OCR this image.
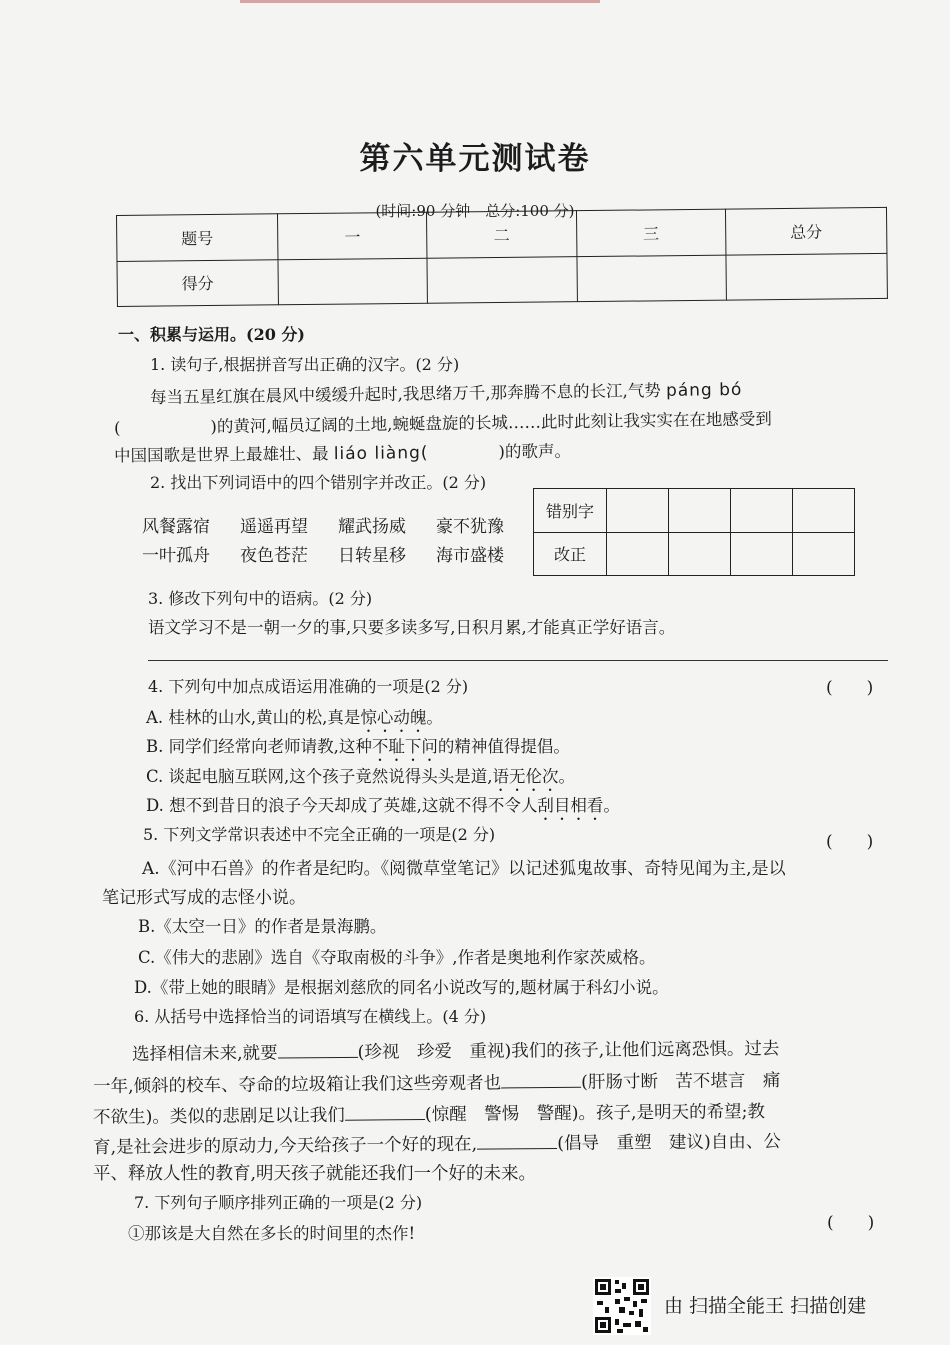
第六单元测试卷
(时间:90 分钟　总分:100 分)
题号	一	二	三	总分
得分				
一、积累与运用。(20 分)
1. 读句子,根据拼音写出正确的汉字。(2 分)
每当五星红旗在晨风中缓缓升起时,我思绪万千,那奔腾不息的长江,气势 páng bó
(	)的黄河,幅员辽阔的土地,蜿蜒盘旋的长城……此时此刻让我实实在在地感受到
中国国歌是世界上最雄壮、最 liáo liàng(	)的歌声。
2. 找出下列词语中的四个错别字并改正。(2 分)
风餐露宿 遥遥再望 耀武扬威 豪不犹豫
一叶孤舟 夜色苍茫 日转星移 海市盛楼
错别字				
改正				
3. 修改下列句中的语病。(2 分)
语文学习不是一朝一夕的事,只要多读多写,日积月累,才能真正学好语言。
4. 下列句中加点成语运用准确的一项是(2 分)	(　　)
A. 桂林的山水,黄山的松,真是惊心动魄。
B. 同学们经常向老师请教,这种不耻下问的精神值得提倡。
C. 谈起电脑互联网,这个孩子竟然说得头头是道,语无伦次。
D. 想不到昔日的浪子今天却成了英雄,这就不得不令人刮目相看。
5. 下列文学常识表述中不完全正确的一项是(2 分)	(　　)
A.《河中石兽》的作者是纪昀。《阅微草堂笔记》以记述狐鬼故事、奇特见闻为主,是以
笔记形式写成的志怪小说。
B.《太空一日》的作者是景海鹏。
C.《伟大的悲剧》选自《夺取南极的斗争》,作者是奥地利作家茨威格。
D.《带上她的眼睛》是根据刘慈欣的同名小说改写的,题材属于科幻小说。
6. 从括号中选择恰当的词语填写在横线上。(4 分)
选择相信未来,就要	(珍视　珍爱　重视)我们的孩子,让他们远离恐惧。过去
一年,倾斜的校车、夺命的垃圾箱让我们这些旁观者也	(肝肠寸断　苦不堪言　痛
不欲生)。类似的悲剧足以让我们	(惊醒　警惕　警醒)。孩子,是明天的希望;教
育,是社会进步的原动力,今天给孩子一个好的现在,	(倡导　重塑　建议)自由、公
平、释放人性的教育,明天孩子就能还我们一个好的未来。
7. 下列句子顺序排列正确的一项是(2 分)
(　　)
①那该是大自然在多长的时间里的杰作!
由 扫描全能王 扫描创建
